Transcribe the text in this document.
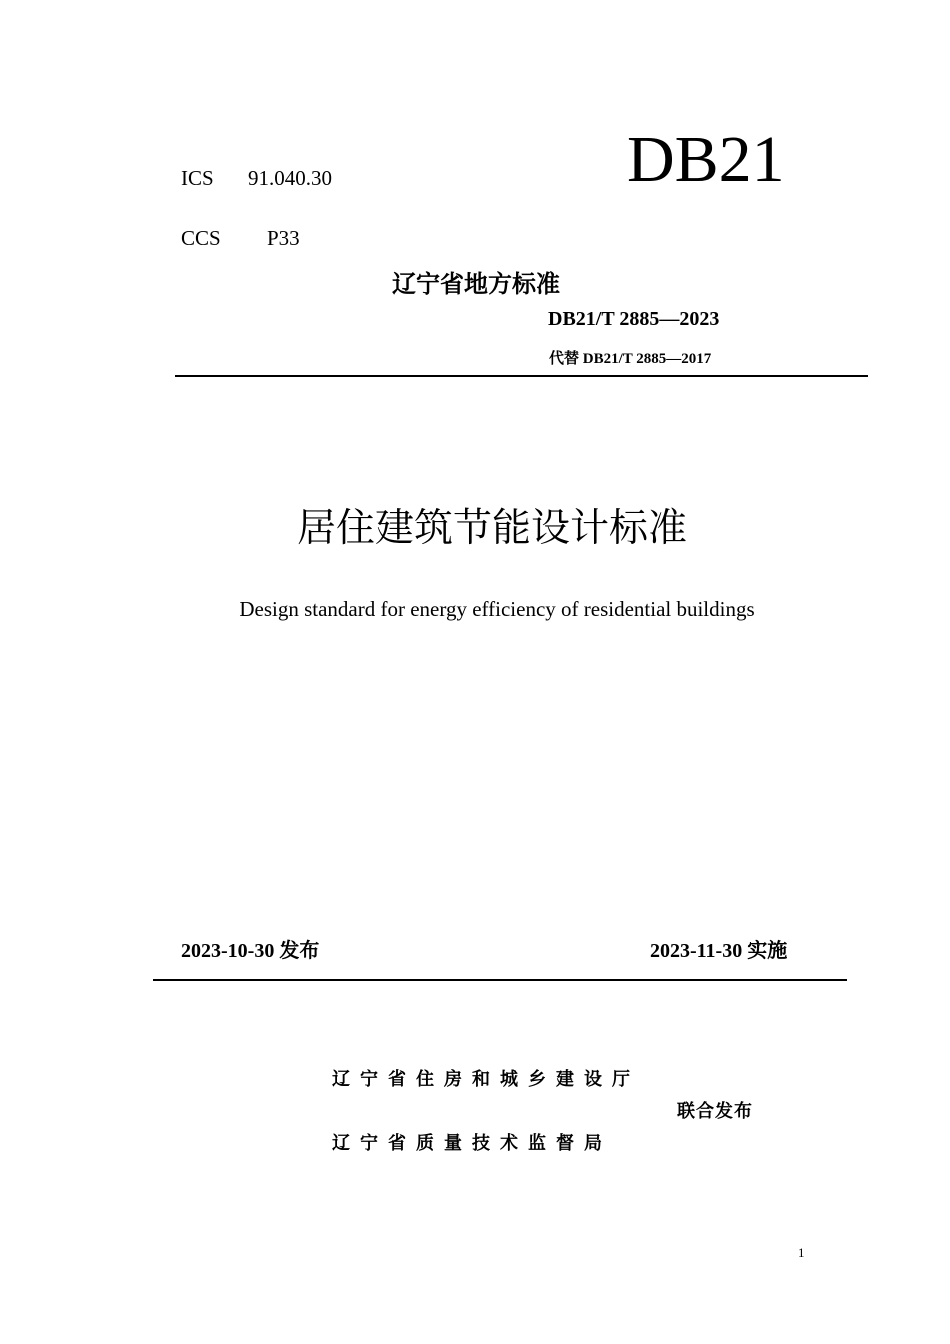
ICS 91.040.30
CCS P33
DB21
辽宁省地方标准
DB21/T 2885—2023
代替 DB21/T 2885—2017
居住建筑节能设计标准
Design standard for energy efficiency of residential buildings
2023-10-30 发布	2023-11-30 实施
辽宁省住房和城乡建设厅
辽宁省质量技术监督局
联合发布
1
